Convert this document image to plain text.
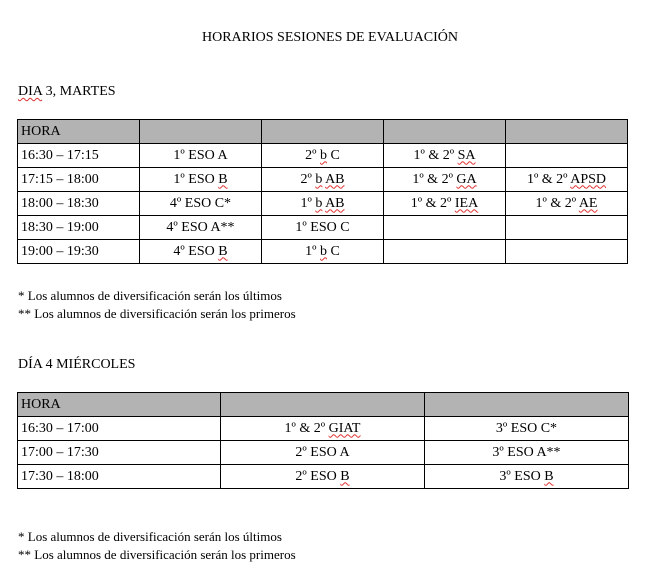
HORARIOS SESIONES DE EVALUACIÓN
DIA 3, MARTES
HORA				
16:30 – 17:15	1º ESO A	2º b C	1º & 2º SA	
17:15 – 18:00	1º ESO B	2º b AB	1º & 2º GA	1º & 2º APSD
18:00 – 18:30	4º ESO C*	1º b AB	1º & 2º IEA	1º & 2º AE
18:30 – 19:00	4º ESO A**	1º ESO C		
19:00 – 19:30	4º ESO B	1º b C		
* Los alumnos de diversificación serán los últimos
** Los alumnos de diversificación serán los primeros
DÍA 4 MIÉRCOLES
HORA		
16:30 – 17:00	1º & 2º GIAT	3º ESO C*
17:00 – 17:30	2º ESO A	3º ESO A**
17:30 – 18:00	2º ESO B	3º ESO B
* Los alumnos de diversificación serán los últimos
** Los alumnos de diversificación serán los primeros
